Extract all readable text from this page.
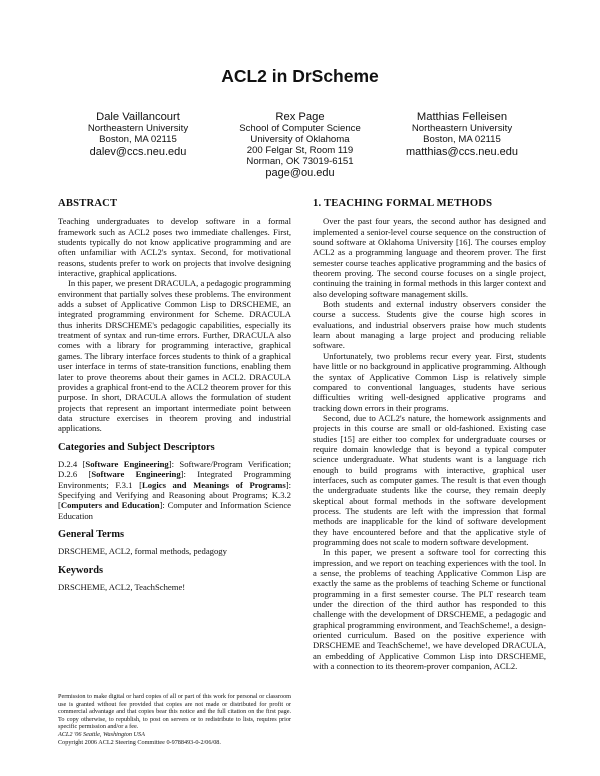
ACL2 in DrScheme
Dale Vaillancourt
Northeastern University
Boston, MA 02115
dalev@ccs.neu.edu
Rex Page
School of Computer Science
University of Oklahoma
200 Felgar St, Room 119
Norman, OK 73019-6151
Matthias Felleisen
Northeastern University
Boston, MA 02115
matthias@ccs.neu.edu
page@ou.edu
ABSTRACT

Teaching undergraduates to develop software in a formal framework such as ACL2 poses two immediate challenges. First, students typically do not know applicative programming and are often unfamiliar with ACL2's syntax. Second, for motivational reasons, students prefer to work on projects that involve designing interactive, graphical applications.

In this paper, we present DRACULA, a pedagogic programming environment that partially solves these problems. The environment adds a subset of Applicative Common Lisp to DRSCHEME, an integrated programming environment for Scheme. DRACULA thus inherits DRSCHEME's pedagogic capabilities, especially its treatment of syntax and run-time errors. Further, DRACULA also comes with a library for programming interactive, graphical games. The library interface forces students to think of a graphical user interface in terms of state-transition functions, enabling them later to prove theorems about their games in ACL2. DRACULA provides a graphical front-end to the ACL2 theorem prover for this purpose. In short, DRACULA allows the formulation of student projects that represent an important intermediate point between data structure exercises in theorem proving and industrial applications.

Categories and Subject Descriptors

D.2.4 [Software Engineering]: Software/Program Verification; D.2.6 [Software Engineering]: Integrated Programming Environments; F.3.1 [Logics and Meanings of Programs]: Specifying and Verifying and Reasoning about Programs; K.3.2 [Computers and Education]: Computer and Information Science Education

General Terms

DRSCHEME, ACL2, formal methods, pedagogy

Keywords

DRSCHEME, ACL2, TeachScheme!

Permission to make digital or hard copies of all or part of this work for personal or classroom use is granted without fee provided that copies are not made or distributed for profit or commercial advantage and that copies bear this notice and the full citation on the first page. To copy otherwise, to republish, to post on servers or to redistribute to lists, requires prior specific permission and/or a fee.

ACL2 '06 Seattle, Washington USA

Copyright 2006 ACL2 Steering Committee 0-9788493-0-2/06/08.

1. TEACHING FORMAL METHODS

Over the past four years, the second author has designed and implemented a senior-level course sequence on the construction of sound software at Oklahoma University [16]. The courses employ ACL2 as a programming language and theorem prover. The first semester course teaches applicative programming and the basics of theorem proving. The second course focuses on a single project, continuing the training in formal methods in this larger context and also developing software management skills.

Both students and external industry observers consider the course a success. Students give the course high scores in evaluations, and industrial observers praise how much students learn about managing a large project and producing reliable software.

Unfortunately, two problems recur every year. First, students have little or no background in applicative programming. Although the syntax of Applicative Common Lisp is relatively simple compared to conventional languages, students have serious difficulties writing well-designed applicative programs and tracking down errors in their programs.

Second, due to ACL2's nature, the homework assignments and projects in this course are small or old-fashioned. Existing case studies [15] are either too complex for undergraduate courses or require domain knowledge that is beyond a typical computer science undergraduate. What students want is a language rich enough to build programs with interactive, graphical user interfaces, such as computer games. The result is that even though the undergraduate students like the course, they remain deeply skeptical about formal methods in the software development process. The students are left with the impression that formal methods are inapplicable for the kind of software development they have encountered before and that the applicative style of programming does not scale to modern software development.

In this paper, we present a software tool for correcting this impression, and we report on teaching experiences with the tool. In a sense, the problems of teaching Applicative Common Lisp are exactly the same as the problems of teaching Scheme or functional programming in a first semester course. The PLT research team under the direction of the third author has responded to this challenge with the development of DRSCHEME, a pedagogic and graphical programming environment, and TeachScheme!, a design-oriented curriculum. Based on the positive experience with DRSCHEME and TeachScheme!, we have developed DRACULA, an embedding of Applicative Common Lisp into DRSCHEME, with a connection to its theorem-prover companion, ACL2.
